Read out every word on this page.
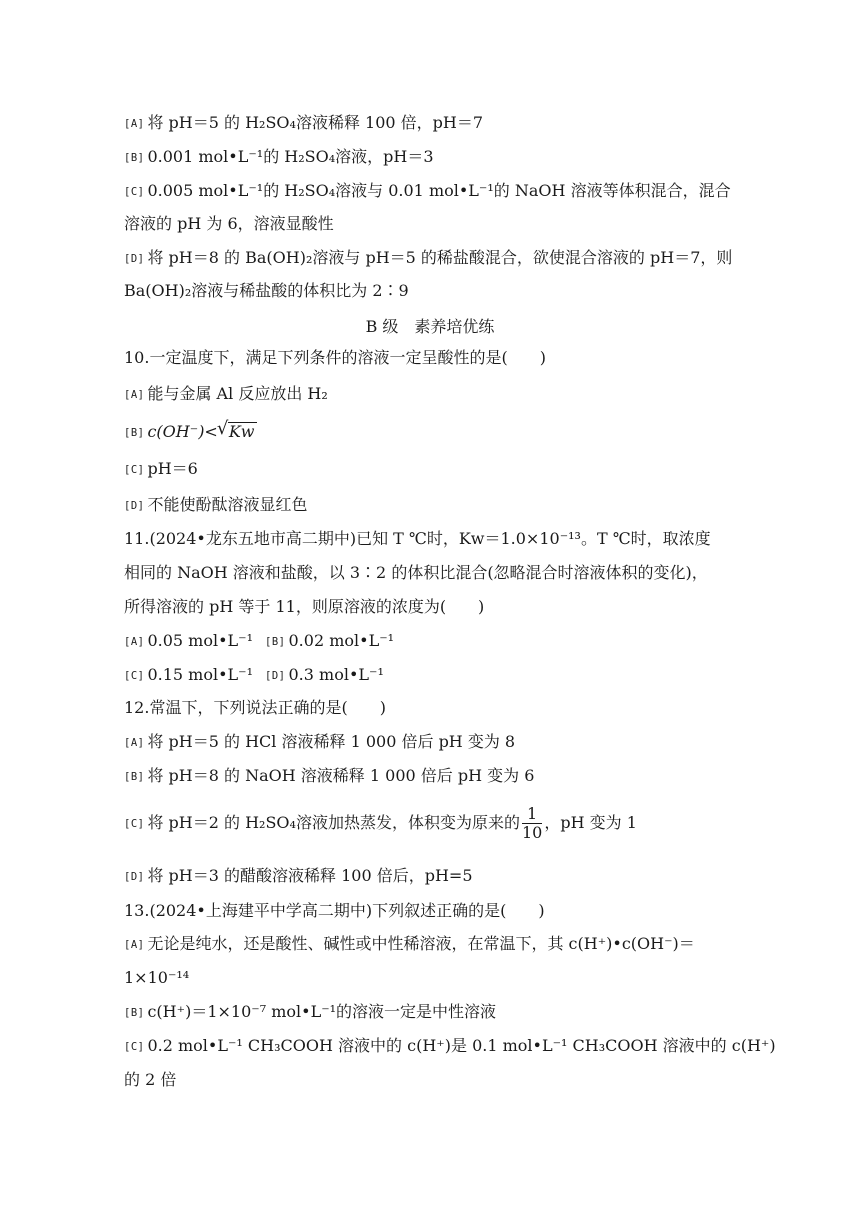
[A] 将 pH＝5 的 H₂SO₄溶液稀释 100 倍，pH＝7
[B] 0.001 mol•L⁻¹的 H₂SO₄溶液，pH＝3
[C] 0.005 mol•L⁻¹的 H₂SO₄溶液与 0.01 mol•L⁻¹的 NaOH 溶液等体积混合，混合
溶液的 pH 为 6，溶液显酸性
[D] 将 pH＝8 的 Ba(OH)₂溶液与 pH＝5 的稀盐酸混合，欲使混合溶液的 pH＝7，则
Ba(OH)₂溶液与稀盐酸的体积比为 2∶9
B 级　素养培优练
10.一定温度下，满足下列条件的溶液一定呈酸性的是(　　)
[A] 能与金属 Al 反应放出 H₂
[B] c(OH⁻)<√ Kw
[C] pH＝6
[D] 不能使酚酞溶液显红色
11.(2024•龙东五地市高二期中)已知 T ℃时，Kw＝1.0×10⁻¹³。T ℃时，取浓度
相同的 NaOH 溶液和盐酸，以 3∶2 的体积比混合(忽略混合时溶液体积的变化)，
所得溶液的 pH 等于 11，则原溶液的浓度为(　　)
[A] 0.05 mol•L⁻¹ [B] 0.02 mol•L⁻¹
[C] 0.15 mol•L⁻¹ [D] 0.3 mol•L⁻¹
12.常温下，下列说法正确的是(　　)
[A] 将 pH＝5 的 HCl 溶液稀释 1 000 倍后 pH 变为 8
[B] 将 pH＝8 的 NaOH 溶液稀释 1 000 倍后 pH 变为 6
[C] 将 pH＝2 的 H₂SO₄溶液加热蒸发，体积变为原来的 $\frac{1}{10}$ ，pH 变为 1
[D] 将 pH＝3 的醋酸溶液稀释 100 倍后，pH=5
13.(2024•上海建平中学高二期中)下列叙述正确的是(　　)
[A] 无论是纯水，还是酸性、碱性或中性稀溶液，在常温下，其 c(H⁺)•c(OH⁻)＝
1×10⁻¹⁴
[B] c(H⁺)＝1×10⁻⁷ mol•L⁻¹的溶液一定是中性溶液
[C] 0.2 mol•L⁻¹ CH₃COOH 溶液中的 c(H⁺)是 0.1 mol•L⁻¹ CH₃COOH 溶液中的 c(H⁺)
的 2 倍
